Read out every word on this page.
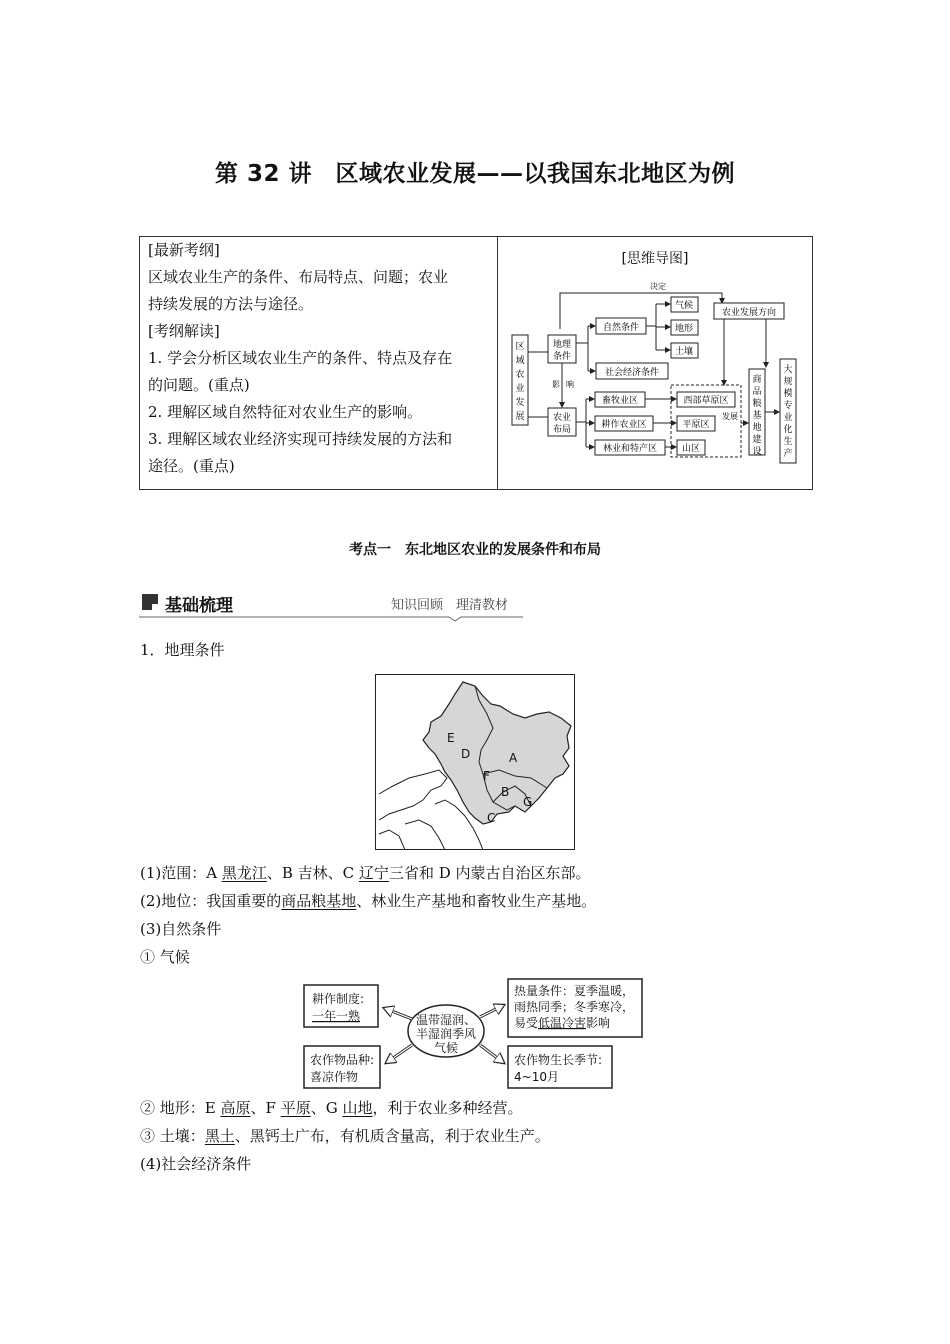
第 32 讲　区域农业发展——以我国东北地区为例

[最新考纲]

区域农业生产的条件、布局特点、问题；农业

持续发展的方法与途径。

[考纲解读]

1. 学会分析区域农业生产的条件、特点及存在

的问题。(重点)

2. 理解区域自然特征对农业生产的影响。

3. 理解区域农业经济实现可持续发展的方法和

途径。(重点)

[思维导图]
决定
区
域
农
业
发
展
地理
条件
影 响
农业
布局
自然条件
社会经济条件
气候
地形
土壤
农业发展方向
畜牧业区
耕作农业区
林业和特产区
西部草原区
平原区
山区
发展
商
品
粮
基
地
建
设
大
规
模
专
业
化
生
产
考点一　东北地区农业的发展条件和布局
基础梳理	知识回顾　理清教材
1．地理条件
A
B
C
D
E
F
G
(1)范围：A 黑龙江、B 吉林、C 辽宁三省和 D 内蒙古自治区东部。
(2)地位：我国重要的商品粮基地、林业生产基地和畜牧业生产基地。
(3)自然条件
① 气候
温带湿润、
半湿润季风
气候
耕作制度:
一年一熟
农作物品种:
喜凉作物
热量条件：夏季温暖，
雨热同季；冬季寒冷，
易受低温冷害影响
农作物生长季节:
4~10月
② 地形：E 高原、F 平原、G 山地，利于农业多种经营。
③ 土壤：黑土、黑钙土广布，有机质含量高，利于农业生产。
(4)社会经济条件
